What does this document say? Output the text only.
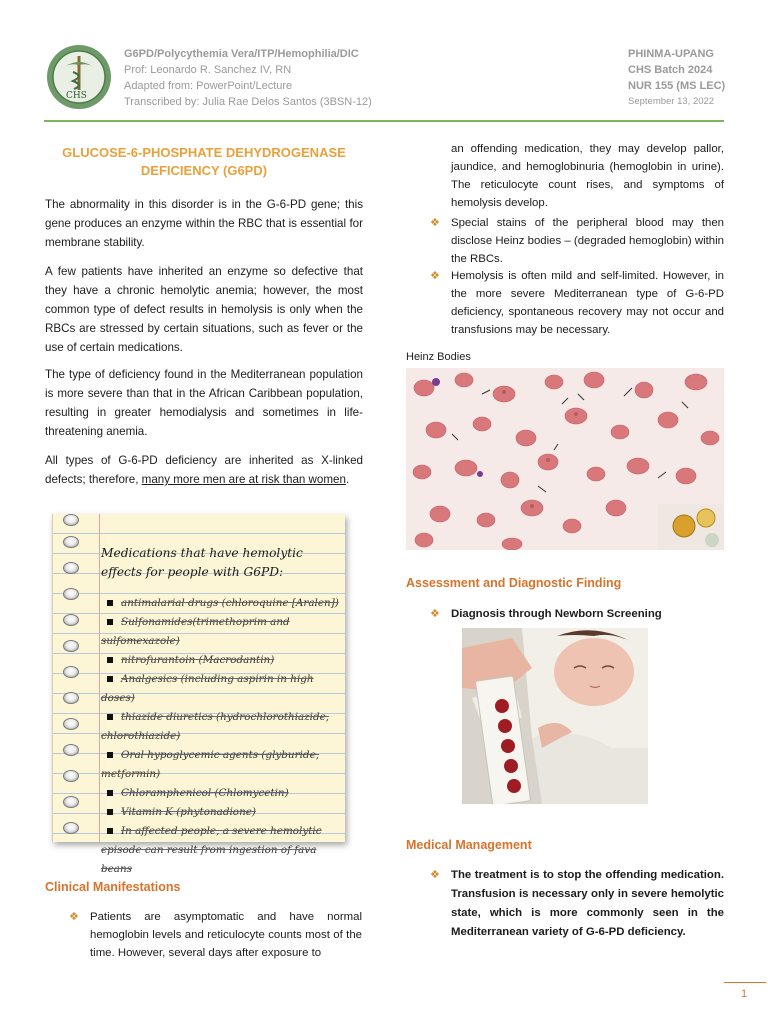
CHS
G6PD/Polycythemia Vera/ITP/Hemophilia/DIC
Prof: Leonardo R. Sanchez IV, RN
Adapted from: PowerPoint/Lecture
Transcribed by: Julia Rae Delos Santos (3BSN-12)
PHINMA-UPANG
CHS Batch 2024
NUR 155 (MS LEC)
September 13, 2022
GLUCOSE-6-PHOSPHATE DEHYDROGENASE
DEFICIENCY (G6PD)
The abnormality in this disorder is in the G-6-PD gene; this gene produces an enzyme within the RBC that is essential for membrane stability.
A few patients have inherited an enzyme so defective that they have a chronic hemolytic anemia; however, the most common type of defect results in hemolysis is only when the RBCs are stressed by certain situations, such as fever or the use of certain medications.
The type of deficiency found in the Mediterranean population is more severe than that in the African Caribbean population, resulting in greater hemodialysis and sometimes in life-threatening anemia.
All types of G-6-PD deficiency are inherited as X-linked defects; therefore, many more men are at risk than women.
Medications that have hemolytic effects for people with G6PD:
antimalarial drugs (chloroquine [Aralen])
Sulfonamides(trimethoprim and sulfomexazole)
nitrofurantoin (Macrodantin)
Analgesics (including aspirin in high doses)
thiazide diuretics (hydrochlorothiazide, chlorothiazide)
Oral hypoglycemic agents (glyburide, metformin)
Chloramphenicol (Chlomycetin)
Vitamin K (phytonadione)
In affected people, a severe hemolytic episode can result from ingestion of fava beans
Clinical Manifestations
❖ Patients are asymptomatic and have normal hemoglobin levels and reticulocyte counts most of the time. However, several days after exposure to
an offending medication, they may develop pallor, jaundice, and hemoglobinuria (hemoglobin in urine). The reticulocyte count rises, and symptoms of hemolysis develop.
❖ Special stains of the peripheral blood may then disclose Heinz bodies – (degraded hemoglobin) within the RBCs.
❖ Hemolysis is often mild and self-limited. However, in the more severe Mediterranean type of G-6-PD deficiency, spontaneous recovery may not occur and transfusions may be necessary.
Heinz Bodies
Assessment and Diagnostic Finding
❖ Diagnosis through Newborn Screening
Medical Management
❖ The treatment is to stop the offending medication. Transfusion is necessary only in severe hemolytic state, which is more commonly seen in the Mediterranean variety of G-6-PD deficiency.
1
